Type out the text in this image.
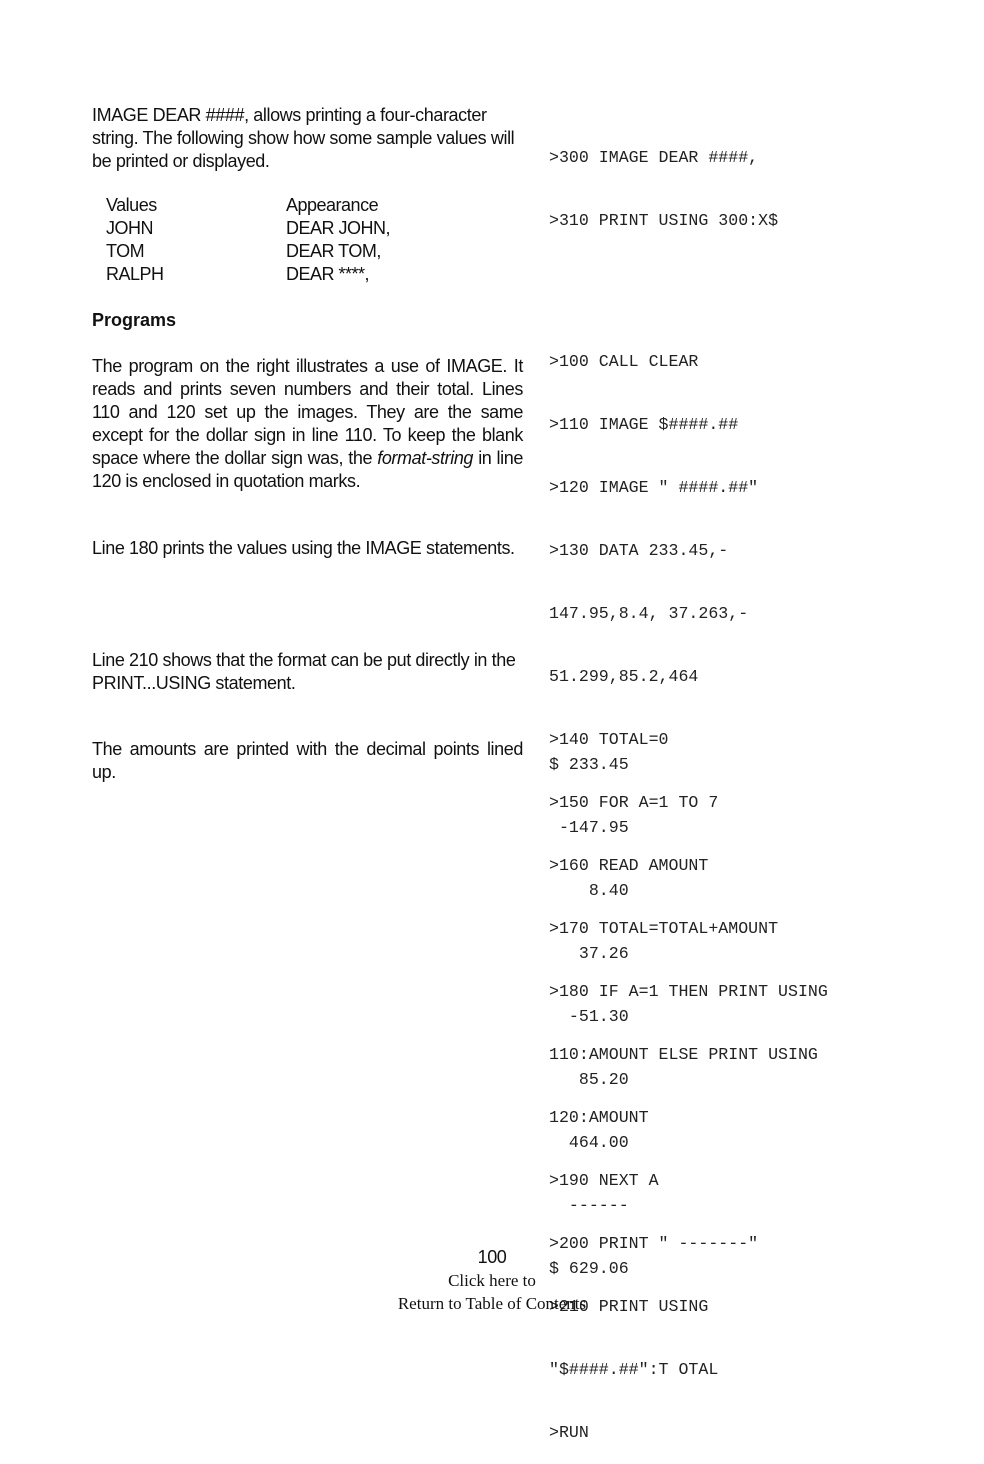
IMAGE DEAR ####, allows printing a four-character string. The following show how some sample values will be printed or displayed.
Values	Appearance
JOHN	DEAR JOHN,
TOM	DEAR TOM,
RALPH	DEAR ****,

>300 IMAGE DEAR ####,

>310 PRINT USING 300:X$

Programs
The program on the right illustrates a use of IMAGE. It reads and prints seven numbers and their total. Lines 110 and 120 set up the images. They are the same except for the dollar sign in line 110. To keep the blank space where the dollar sign was, the format-string in line 120 is enclosed in quotation marks.
Line 180 prints the values using the IMAGE statements.
Line 210 shows that the format can be put directly in the PRINT...USING statement.
The amounts are printed with the decimal points lined up.

>100 CALL CLEAR

>110 IMAGE $####.##

>120 IMAGE " ####.##"

>130 DATA 233.45,-

147.95,8.4, 37.263,-

51.299,85.2,464

>140 TOTAL=0

>150 FOR A=1 TO 7

>160 READ AMOUNT

>170 TOTAL=TOTAL+AMOUNT

>180 IF A=1 THEN PRINT USING

110:AMOUNT ELSE PRINT USING

120:AMOUNT

>190 NEXT A

>200 PRINT " -------"

>210 PRINT USING

"$####.##":T OTAL

>RUN

$ 233.45

-147.95

8.40

37.26

-51.30

85.20

464.00

------

$ 629.06

100
Click here to
Return to Table of Contents
